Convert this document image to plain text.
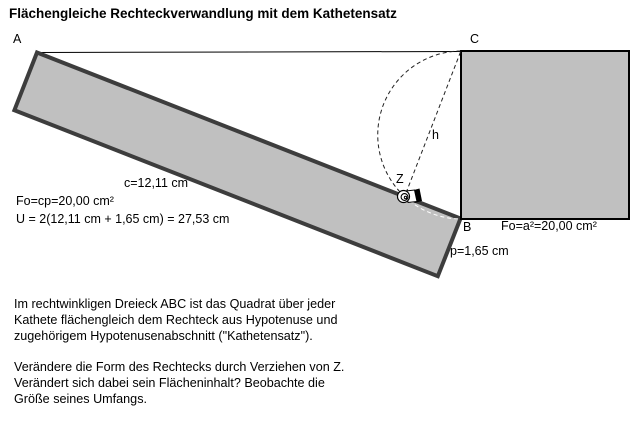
Flächengleiche Rechteckverwandlung mit dem Kathetensatz
A	C
B
Z
h
c=12,11 cm
Fo=cp=20,00 cm²
U = 2(12,11 cm + 1,65 cm) = 27,53 cm	Fo=a²=20,00 cm²
p=1,65 cm
Im rechtwinkligen Dreieck ABC ist das Quadrat über jeder
Kathete flächengleich dem Rechteck aus Hypotenuse und
zugehörigem Hypotenusenabschnitt ("Kathetensatz").
Verändere die Form des Rechtecks durch Verziehen von Z.
Verändert sich dabei sein Flächeninhalt? Beobachte die
Größe seines Umfangs.
